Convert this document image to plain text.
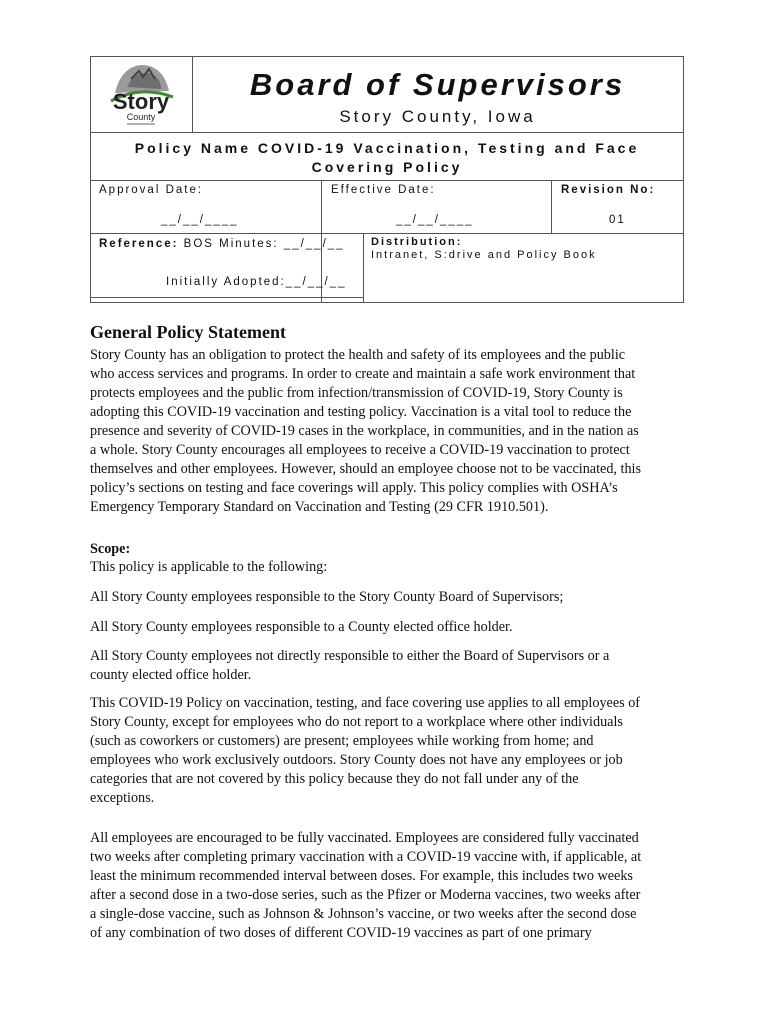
Story
County
Board of Supervisors
Story County, Iowa
Policy Name COVID-19 Vaccination, Testing and Face Covering Policy
Approval Date:
__/__/____
Effective Date:
__/__/____
Revision No:
01
Reference: BOS Minutes: __/__/__
Initially Adopted:__/__/__
Distribution:
Intranet, S:drive and Policy Book
General Policy Statement
Story County has an obligation to protect the health and safety of its employees and the public
who access services and programs. In order to create and maintain a safe work environment that
protects employees and the public from infection/transmission of COVID-19, Story County is
adopting this COVID-19 vaccination and testing policy. Vaccination is a vital tool to reduce the
presence and severity of COVID-19 cases in the workplace, in communities, and in the nation as
a whole. Story County encourages all employees to receive a COVID-19 vaccination to protect
themselves and other employees. However, should an employee choose not to be vaccinated, this
policy’s sections on testing and face coverings will apply. This policy complies with OSHA’s
Emergency Temporary Standard on Vaccination and Testing (29 CFR 1910.501).
Scope:
This policy is applicable to the following:
All Story County employees responsible to the Story County Board of Supervisors;
All Story County employees responsible to a County elected office holder.
All Story County employees not directly responsible to either the Board of Supervisors or a
county elected office holder.
This COVID-19 Policy on vaccination, testing, and face covering use applies to all employees of
Story County, except for employees who do not report to a workplace where other individuals
(such as coworkers or customers) are present; employees while working from home; and
employees who work exclusively outdoors. Story County does not have any employees or job
categories that are not covered by this policy because they do not fall under any of the
exceptions.
All employees are encouraged to be fully vaccinated. Employees are considered fully vaccinated
two weeks after completing primary vaccination with a COVID-19 vaccine with, if applicable, at
least the minimum recommended interval between doses. For example, this includes two weeks
after a second dose in a two-dose series, such as the Pfizer or Moderna vaccines, two weeks after
a single-dose vaccine, such as Johnson & Johnson’s vaccine, or two weeks after the second dose
of any combination of two doses of different COVID-19 vaccines as part of one primary
